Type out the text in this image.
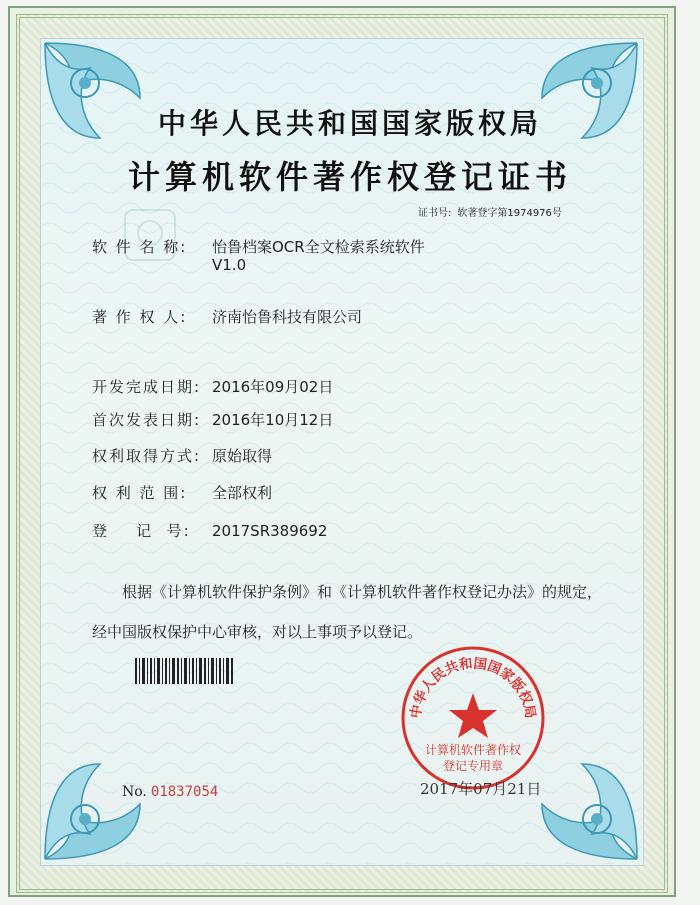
中华人民共和国国家版权局
计算机软件著作权登记证书
证书号: 软著登字第1974976号
软 件 名 称: 怡鲁档案OCR全文检索系统软件
V1.0
著 作 权 人: 济南怡鲁科技有限公司
开发完成日期: 2016年09月02日
首次发表日期: 2016年10月12日
权利取得方式: 原始取得
权 利 范 围: 全部权利
登    记  号: 2017SR389692
根据《计算机软件保护条例》和《计算机软件著作权登记办法》的规定，经中国版权保护中心审核，对以上事项予以登记。
No. 01837054
中华人民共和国国家版权局
计算机软件著作权
登记专用章
2017年07月21日
